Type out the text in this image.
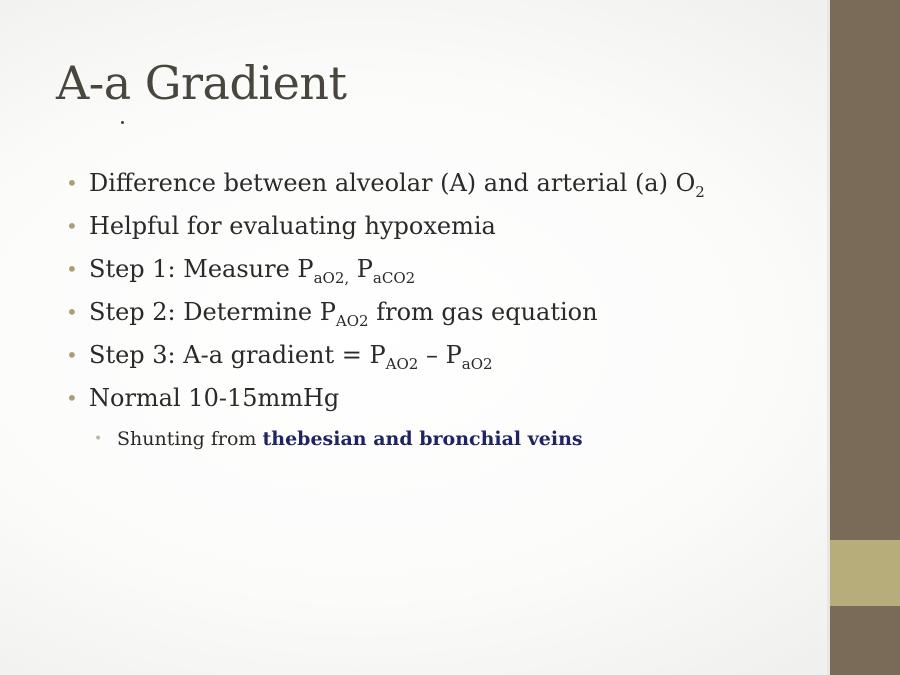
A-a Gradient
• Difference between alveolar (A) and arterial (a) $O_2$
• Helpful for evaluating hypoxemia
• Step 1: Measure $P_{aO2,}$ $P_{aCO2}$
• Step 2: Determine $P_{AO2}$ from gas equation
• Step 3: A-a gradient = $P_{AO2} - P_{aO2}$
• Normal 10-15mmHg
• Shunting from thebesian and bronchial veins
